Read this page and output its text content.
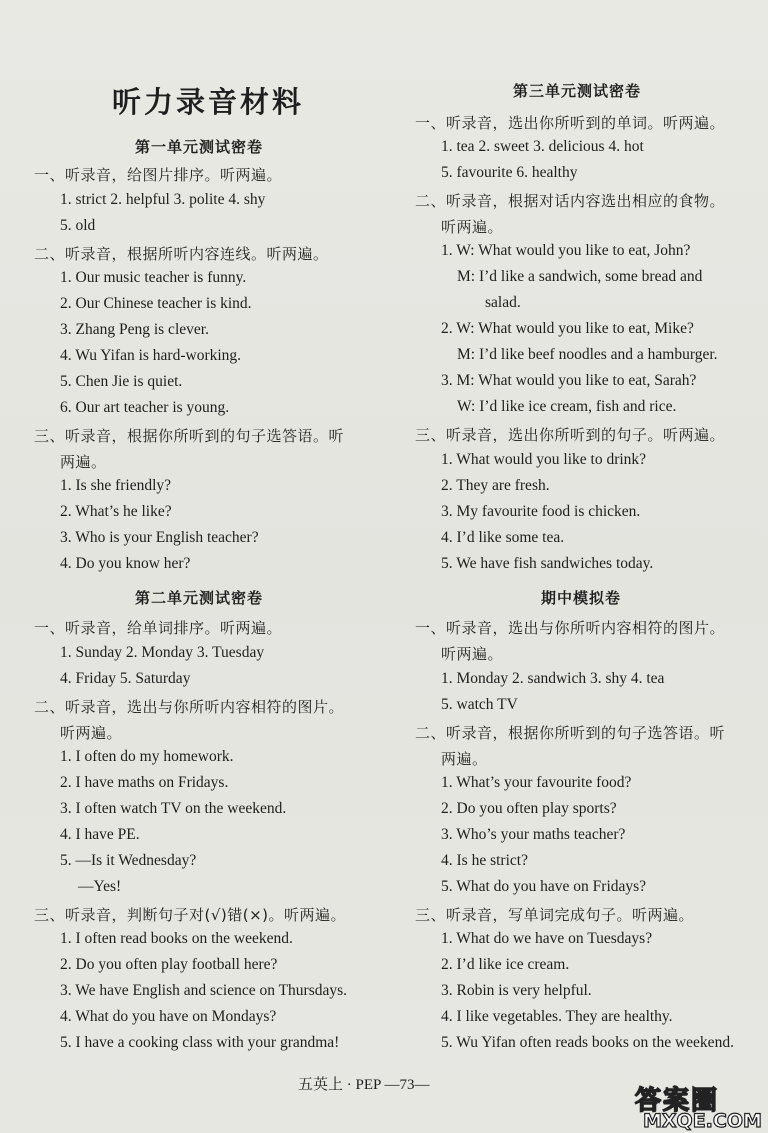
听力录音材料
第一单元测试密卷
一、听录音，给图片排序。听两遍。
1. strict 2. helpful 3. polite 4. shy
5. old
二、听录音，根据所听内容连线。听两遍。
1. Our music teacher is funny.
2. Our Chinese teacher is kind.
3. Zhang Peng is clever.
4. Wu Yifan is hard-working.
5. Chen Jie is quiet.
6. Our art teacher is young.
三、听录音，根据你所听到的句子选答语。听
两遍。
1. Is she friendly?
2. What’s he like?
3. Who is your English teacher?
4. Do you know her?
第二单元测试密卷
一、听录音，给单词排序。听两遍。
1. Sunday 2. Monday 3. Tuesday
4. Friday 5. Saturday
二、听录音，选出与你所听内容相符的图片。
听两遍。
1. I often do my homework.
2. I have maths on Fridays.
3. I often watch TV on the weekend.
4. I have PE.
5. —Is it Wednesday?
—Yes!
三、听录音，判断句子对(√)错(×)。听两遍。
1. I often read books on the weekend.
2. Do you often play football here?
3. We have English and science on Thursdays.
4. What do you have on Mondays?
5. I have a cooking class with your grandma!
第三单元测试密卷
一、听录音，选出你所听到的单词。听两遍。
1. tea 2. sweet 3. delicious 4. hot
5. favourite 6. healthy
二、听录音，根据对话内容选出相应的食物。
听两遍。
1. W: What would you like to eat, John?
M: I’d like a sandwich, some bread and
salad.
2. W: What would you like to eat, Mike?
M: I’d like beef noodles and a hamburger.
3. M: What would you like to eat, Sarah?
W: I’d like ice cream, fish and rice.
三、听录音，选出你所听到的句子。听两遍。
1. What would you like to drink?
2. They are fresh.
3. My favourite food is chicken.
4. I’d like some tea.
5. We have fish sandwiches today.
期中模拟卷
一、听录音，选出与你所听内容相符的图片。
听两遍。
1. Monday 2. sandwich 3. shy 4. tea
5. watch TV
二、听录音，根据你所听到的句子选答语。听
两遍。
1. What’s your favourite food?
2. Do you often play sports?
3. Who’s your maths teacher?
4. Is he strict?
5. What do you have on Fridays?
三、听录音，写单词完成句子。听两遍。
1. What do we have on Tuesdays?
2. I’d like ice cream.
3. Robin is very helpful.
4. I like vegetables. They are healthy.
5. Wu Yifan often reads books on the weekend.
五英上 · PEP —73—
答案圈
MXQE.COM
